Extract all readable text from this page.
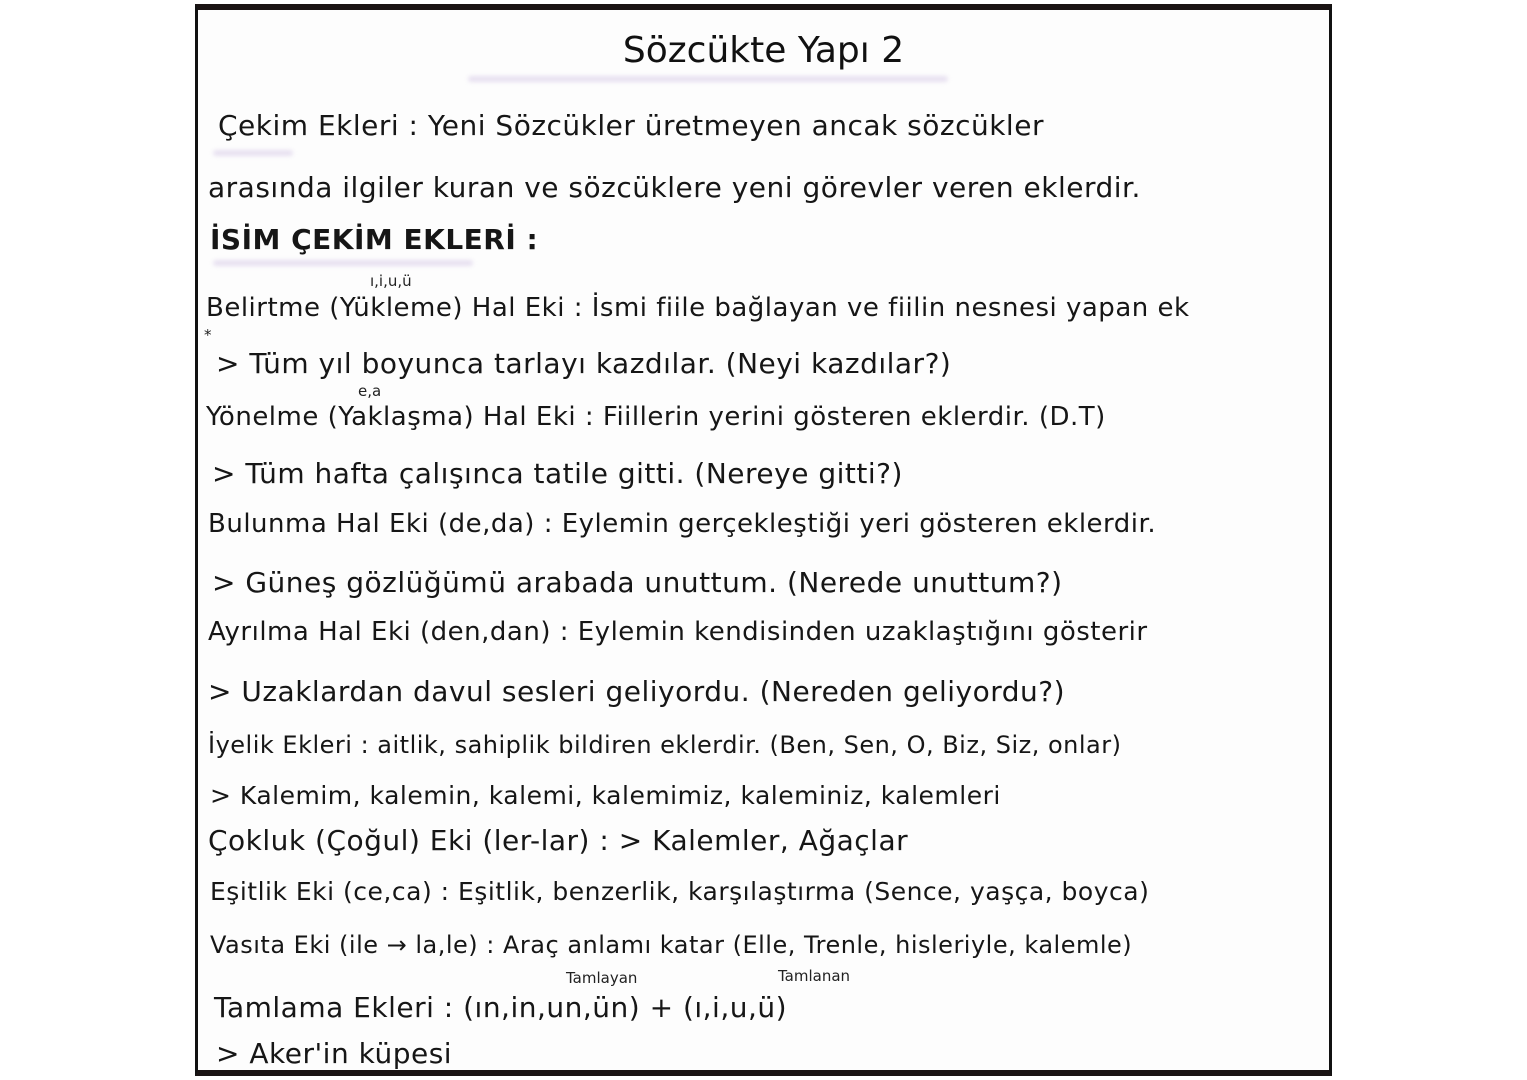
Sözcükte Yapı 2
Çekim Ekleri : Yeni Sözcükler üretmeyen ancak sözcükler
arasında ilgiler kuran ve sözcüklere yeni görevler veren eklerdir.
İSİM ÇEKİM EKLERİ :
ı,i,u,ü
Belirtme (Yükleme) Hal Eki : İsmi fiile bağlayan ve fiilin nesnesi yapan ek
*
> Tüm yıl boyunca tarlayı kazdılar. (Neyi kazdılar?)
e,a
Yönelme (Yaklaşma) Hal Eki : Fiillerin yerini gösteren eklerdir. (D.T)
> Tüm hafta çalışınca tatile gitti. (Nereye gitti?)
Bulunma Hal Eki (de,da) : Eylemin gerçekleştiği yeri gösteren eklerdir.
> Güneş gözlüğümü arabada unuttum. (Nerede unuttum?)
Ayrılma Hal Eki (den,dan) : Eylemin kendisinden uzaklaştığını gösterir
> Uzaklardan davul sesleri geliyordu. (Nereden geliyordu?)
İyelik Ekleri : aitlik, sahiplik bildiren eklerdir. (Ben, Sen, O, Biz, Siz, onlar)
> Kalemim, kalemin, kalemi, kalemimiz, kaleminiz, kalemleri
Çokluk (Çoğul) Eki (ler-lar) : > Kalemler, Ağaçlar
Eşitlik Eki (ce,ca) : Eşitlik, benzerlik, karşılaştırma (Sence, yaşça, boyca)
Vasıta Eki (ile → la,le) : Araç anlamı katar (Elle, Trenle, hisleriyle, kalemle)
Tamlayan	Tamlanan
Tamlama Ekleri : (ın,in,un,ün) + (ı,i,u,ü)
> Aker'in küpesi
